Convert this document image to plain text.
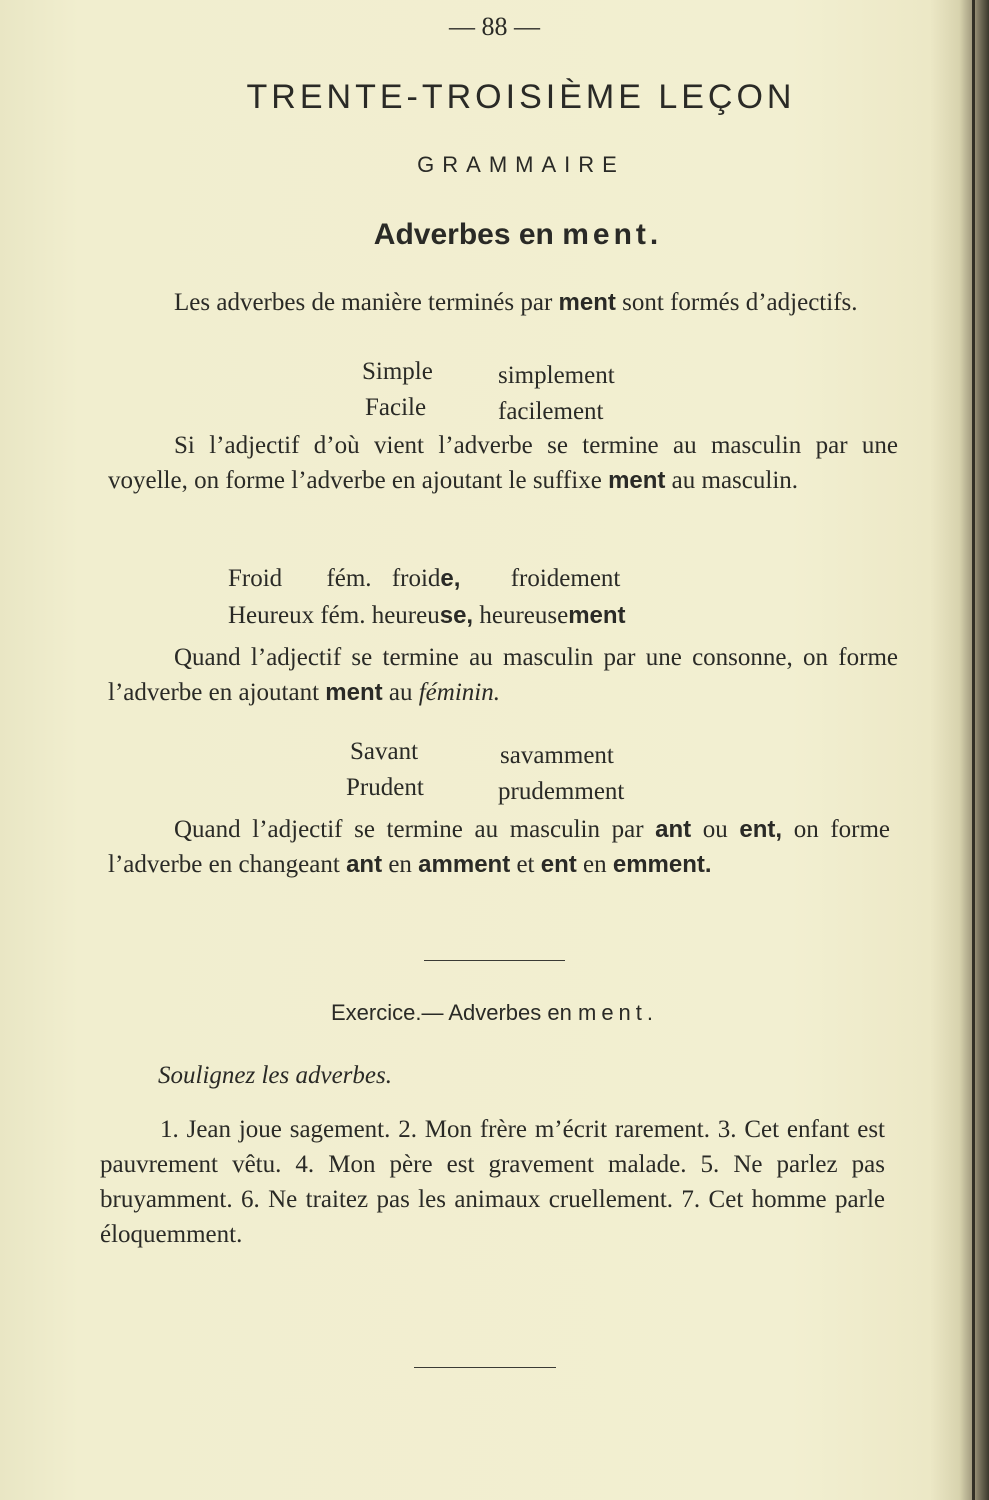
— 88 —
TRENTE-TROISIÈME LEÇON
GRAMMAIRE
Adverbes en ment.
Les adverbes de manière terminés par ment sont formés d’adjectifs.
Simple	simplement
Facile	facilement
Si l’adjectif d’où vient l’adverbe se termine au masculin par une voyelle, on forme l’adverbe en ajoutant le suffixe ment au masculin.
Froid fém. froide, froidement
Heureux fém. heureuse, heureusement
Quand l’adjectif se termine au masculin par une consonne, on forme l’adverbe en ajoutant ment au féminin.
Savant	savamment
Prudent	prudemment
Quand l’adjectif se termine au masculin par ant ou ent, on forme l’adverbe en changeant ant en amment et ent en emment.
Exercice.— Adverbes en ment.
Soulignez les adverbes.
1. Jean joue sagement. 2. Mon frère m’écrit rarement. 3. Cet enfant est pauvrement vêtu. 4. Mon père est gravement malade. 5. Ne parlez pas bruyamment. 6. Ne traitez pas les animaux cruellement. 7. Cet homme parle éloquemment.
